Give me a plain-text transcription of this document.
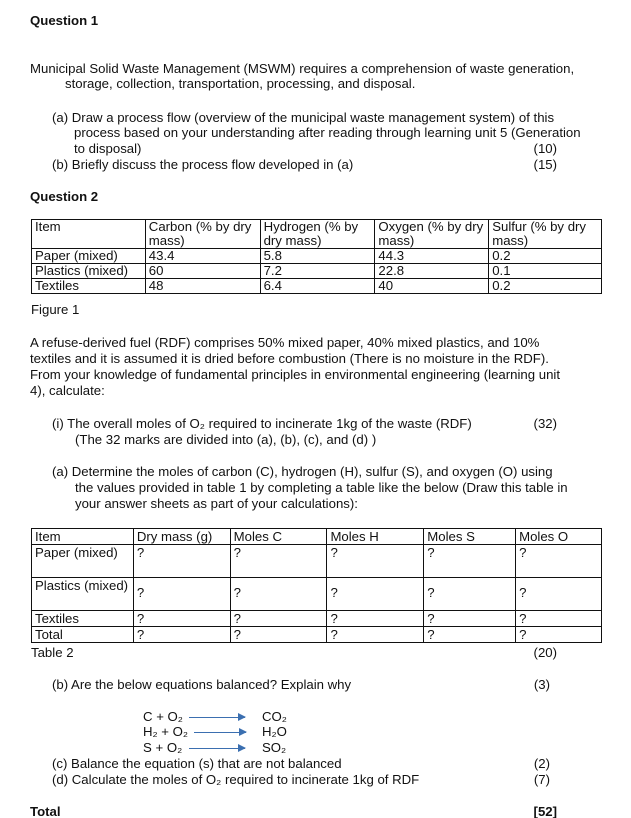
Question 1
Municipal Solid Waste Management (MSWM) requires a comprehension of waste generation,
storage, collection, transportation, processing, and disposal.
(a) Draw a process flow (overview of the municipal waste management system) of this
process based on your understanding after reading through learning unit 5 (Generation
to disposal)	(10)
(b) Briefly discuss the process flow developed in (a)	(15)
Question 2
Item	Carbon (% by dry mass)	Hydrogen (% by dry mass)	Oxygen (% by dry mass)	Sulfur (% by dry mass)
Paper (mixed)	43.4	5.8	44.3	0.2
Plastics (mixed)	60	7.2	22.8	0.1
Textiles	48	6.4	40	0.2
Figure 1
A refuse-derived fuel (RDF) comprises 50% mixed paper, 40% mixed plastics, and 10%
textiles and it is assumed it is dried before combustion (There is no moisture in the RDF).
From your knowledge of fundamental principles in environmental engineering (learning unit
4), calculate:
(i) The overall moles of O₂ required to incinerate 1kg of the waste (RDF)	(32)
(The 32 marks are divided into (a), (b), (c), and (d) )
(a) Determine the moles of carbon (C), hydrogen (H), sulfur (S), and oxygen (O) using
the values provided in table 1 by completing a table like the below (Draw this table in
your answer sheets as part of your calculations):
Item	Dry mass (g)	Moles C	Moles H	Moles S	Moles O
Paper (mixed)	?	?	?	?	?
Plastics (mixed)	?	?	?	?	?
Textiles	?	?	?	?	?
Total	?	?	?	?	?
Table 2	(20)
(b) Are the below equations balanced? Explain why	(3)
C + O₂	CO₂
H₂ + O₂	H₂O
S + O₂	SO₂
(c) Balance the equation (s) that are not balanced	(2)
(d) Calculate the moles of O₂ required to incinerate 1kg of RDF	(7)
Total	[52]
